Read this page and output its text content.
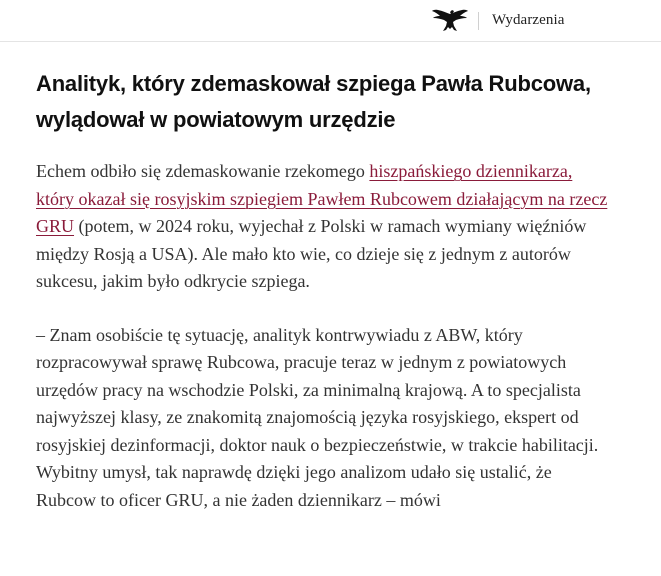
Wydarzenia
Analityk, który zdemaskował szpiega Pawła Rubcowa, wylądował w powiatowym urzędzie

Echem odbiło się zdemaskowanie rzekomego hiszpańskiego dziennikarza, który okazał się rosyjskim szpiegiem Pawłem Rubcowem działającym na rzecz GRU (potem, w 2024 roku, wyjechał z Polski w ramach wymiany więźniów między Rosją a USA). Ale mało kto wie, co dzieje się z jednym z autorów sukcesu, jakim było odkrycie szpiega.

– Znam osobiście tę sytuację, analityk kontrwywiadu z ABW, który rozpracowywał sprawę Rubcowa, pracuje teraz w jednym z powiatowych urzędów pracy na wschodzie Polski, za minimalną krajową. A to specjalista najwyższej klasy, ze znakomitą znajomością języka rosyjskiego, ekspert od rosyjskiej dezinformacji, doktor nauk o bezpieczeństwie, w trakcie habilitacji. Wybitny umysł, tak naprawdę dzięki jego analizom udało się ustalić, że Rubcow to oficer GRU, a nie żaden dziennikarz – mówi
